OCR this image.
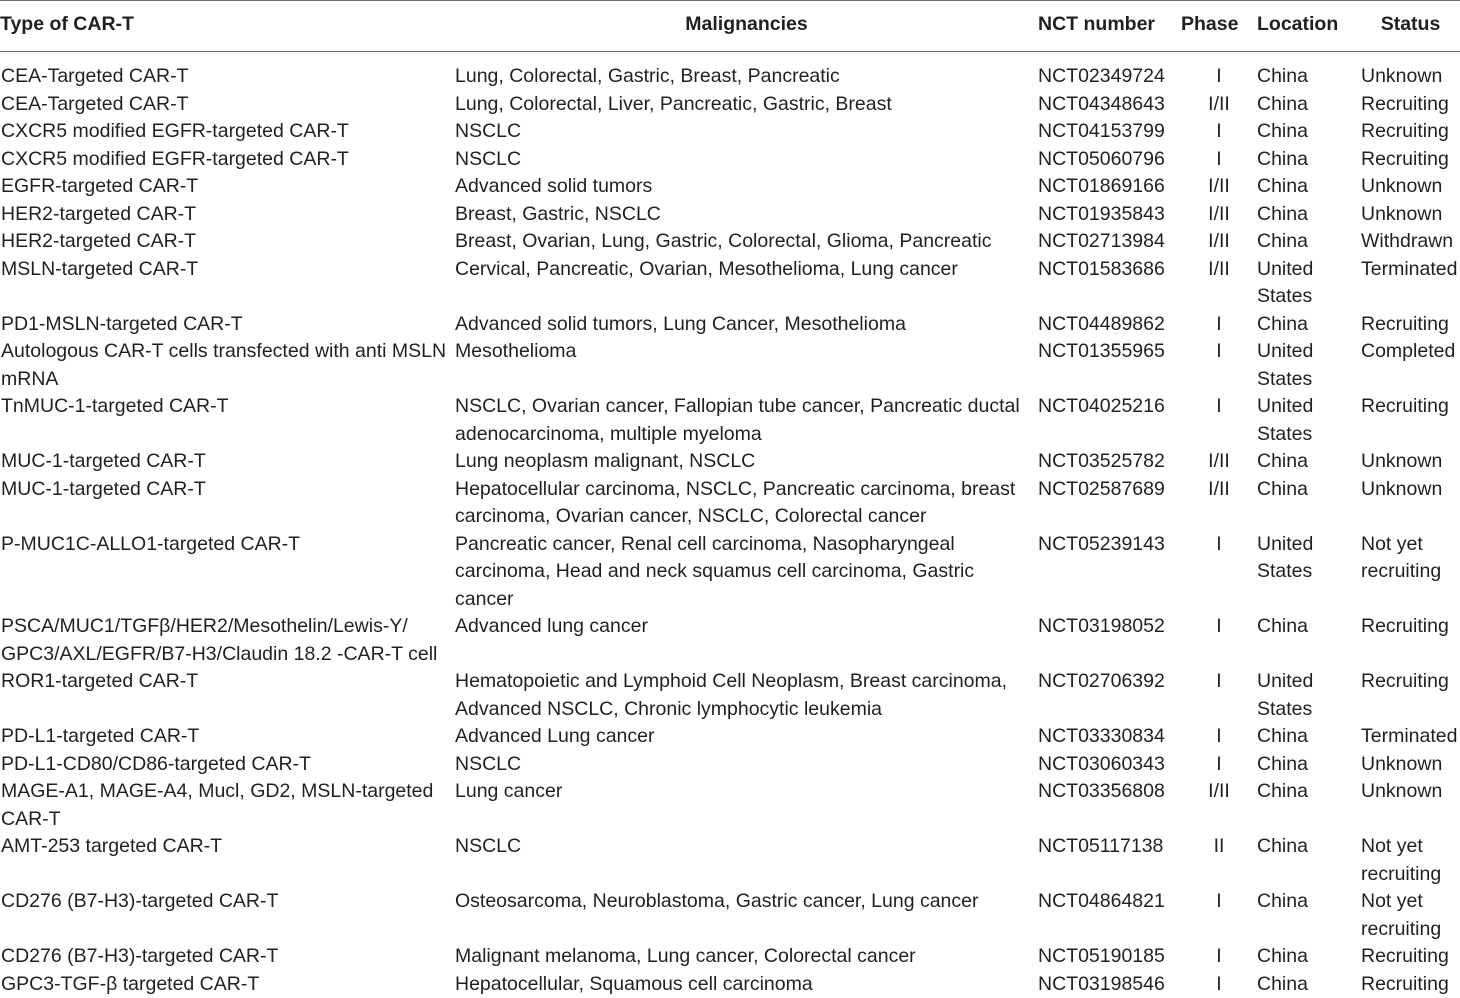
Type of CAR-T	Malignancies	NCT number	Phase	Location	Status
CEA-Targeted CAR-T	Lung, Colorectal, Gastric, Breast, Pancreatic	NCT02349724	I	China	Unknown
CEA-Targeted CAR-T	Lung, Colorectal, Liver, Pancreatic, Gastric, Breast	NCT04348643	I/II	China	Recruiting
CXCR5 modified EGFR-targeted CAR-T	NSCLC	NCT04153799	I	China	Recruiting
CXCR5 modified EGFR-targeted CAR-T	NSCLC	NCT05060796	I	China	Recruiting
EGFR-targeted CAR-T	Advanced solid tumors	NCT01869166	I/II	China	Unknown
HER2-targeted CAR-T	Breast, Gastric, NSCLC	NCT01935843	I/II	China	Unknown
HER2-targeted CAR-T	Breast, Ovarian, Lung, Gastric, Colorectal, Glioma, Pancreatic	NCT02713984	I/II	China	Withdrawn
MSLN-targeted CAR-T	Cervical, Pancreatic, Ovarian, Mesothelioma, Lung cancer	NCT01583686	I/II	United States	Terminated
PD1-MSLN-targeted CAR-T	Advanced solid tumors, Lung Cancer, Mesothelioma	NCT04489862	I	China	Recruiting
Autologous CAR-T cells transfected with anti MSLN mRNA	Mesothelioma	NCT01355965	I	United States	Completed
TnMUC-1-targeted CAR-T	NSCLC, Ovarian cancer, Fallopian tube cancer, Pancreatic ductal adenocarcinoma, multiple myeloma	NCT04025216	I	United States	Recruiting
MUC-1-targeted CAR-T	Lung neoplasm malignant, NSCLC	NCT03525782	I/II	China	Unknown
MUC-1-targeted CAR-T	Hepatocellular carcinoma, NSCLC, Pancreatic carcinoma, breast carcinoma, Ovarian cancer, NSCLC, Colorectal cancer	NCT02587689	I/II	China	Unknown
P-MUC1C-ALLO1-targeted CAR-T	Pancreatic cancer, Renal cell carcinoma, Nasopharyngeal carcinoma, Head and neck squamus cell carcinoma, Gastric cancer	NCT05239143	I	United States	Not yet recruiting
PSCA/MUC1/TGFβ/HER2/Mesothelin/Lewis-Y/ GPC3/AXL/EGFR/B7-H3/Claudin 18.2 -CAR-T cell	Advanced lung cancer	NCT03198052	I	China	Recruiting
ROR1-targeted CAR-T	Hematopoietic and Lymphoid Cell Neoplasm, Breast carcinoma, Advanced NSCLC, Chronic lymphocytic leukemia	NCT02706392	I	United States	Recruiting
PD-L1-targeted CAR-T	Advanced Lung cancer	NCT03330834	I	China	Terminated
PD-L1-CD80/CD86-targeted CAR-T	NSCLC	NCT03060343	I	China	Unknown
MAGE-A1, MAGE-A4, Mucl, GD2, MSLN-targeted CAR-T	Lung cancer	NCT03356808	I/II	China	Unknown
AMT-253 targeted CAR-T	NSCLC	NCT05117138	II	China	Not yet recruiting
CD276 (B7-H3)-targeted CAR-T	Osteosarcoma, Neuroblastoma, Gastric cancer, Lung cancer	NCT04864821	I	China	Not yet recruiting
CD276 (B7-H3)-targeted CAR-T	Malignant melanoma, Lung cancer, Colorectal cancer	NCT05190185	I	China	Recruiting
GPC3-TGF-β targeted CAR-T	Hepatocellular, Squamous cell carcinoma	NCT03198546	I	China	Recruiting
